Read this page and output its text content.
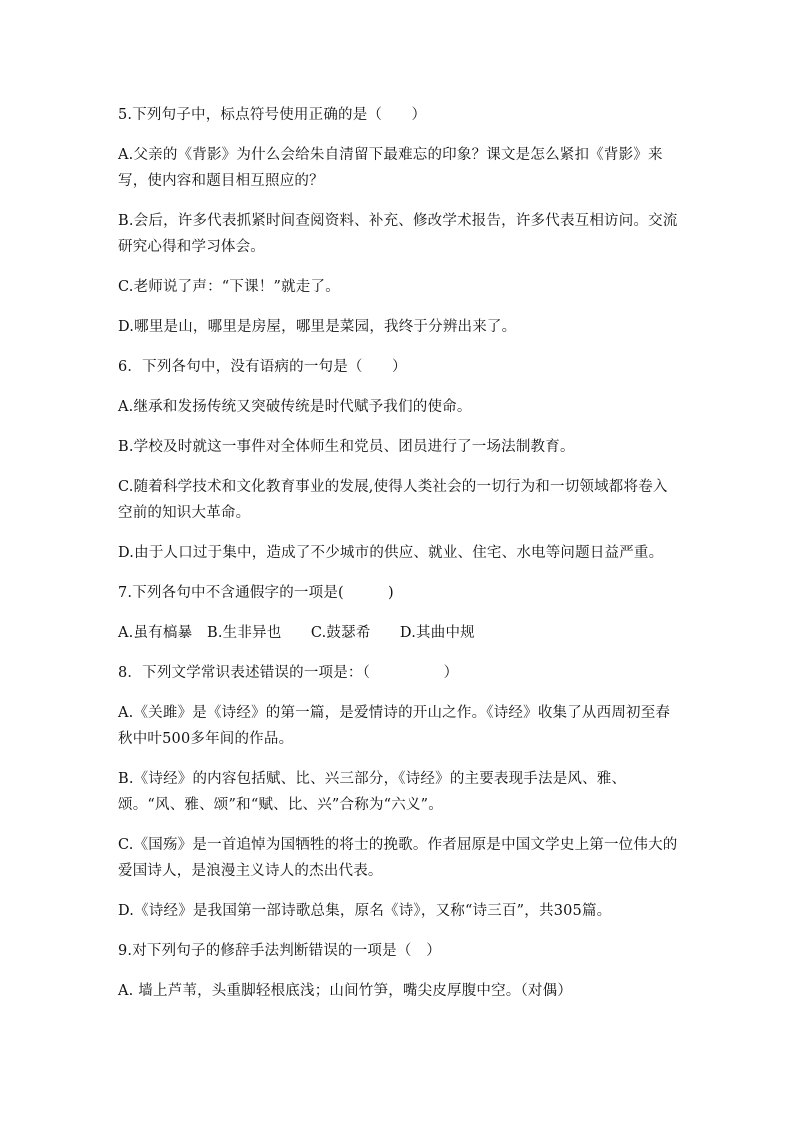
5.下列句子中，标点符号使用正确的是（　　）

A.父亲的《背影》为什么会给朱自清留下最难忘的印象？课文是怎么紧扣《背影》来写，使内容和题目相互照应的？

B.会后，许多代表抓紧时间查阅资料、补充、修改学术报告，许多代表互相访问。交流研究心得和学习体会。

C.老师说了声：“下课！”就走了。

D.哪里是山，哪里是房屋，哪里是菜园，我终于分辨出来了。

6．下列各句中，没有语病的一句是（　　）

A.继承和发扬传统又突破传统是时代赋予我们的使命。

B.学校及时就这一事件对全体师生和党员、团员进行了一场法制教育。

C.随着科学技术和文化教育事业的发展,使得人类社会的一切行为和一切领域都将卷入空前的知识大革命。

D.由于人口过于集中，造成了不少城市的供应、就业、住宅、水电等问题日益严重。

7.下列各句中不含通假字的一项是(　　　)

A.虽有槁暴　B.生非异也　　C.鼓瑟希　　D.其曲中规

8．下列文学常识表述错误的一项是：（　　　　　）

A.《关雎》是《诗经》的第一篇，是爱情诗的开山之作。《诗经》收集了从西周初至春秋中叶500多年间的作品。

B.《诗经》的内容包括赋、比、兴三部分，《诗经》的主要表现手法是风、雅、颂。“风、雅、颂”和“赋、比、兴”合称为“六义”。

C.《国殇》是一首追悼为国牺牲的将士的挽歌。作者屈原是中国文学史上第一位伟大的爱国诗人，是浪漫主义诗人的杰出代表。

D.《诗经》是我国第一部诗歌总集，原名《诗》，又称“诗三百”，共305篇。

9.对下列句子的修辞手法判断错误的一项是（　）

A. 墙上芦苇，头重脚轻根底浅；山间竹笋，嘴尖皮厚腹中空。（对偶）
